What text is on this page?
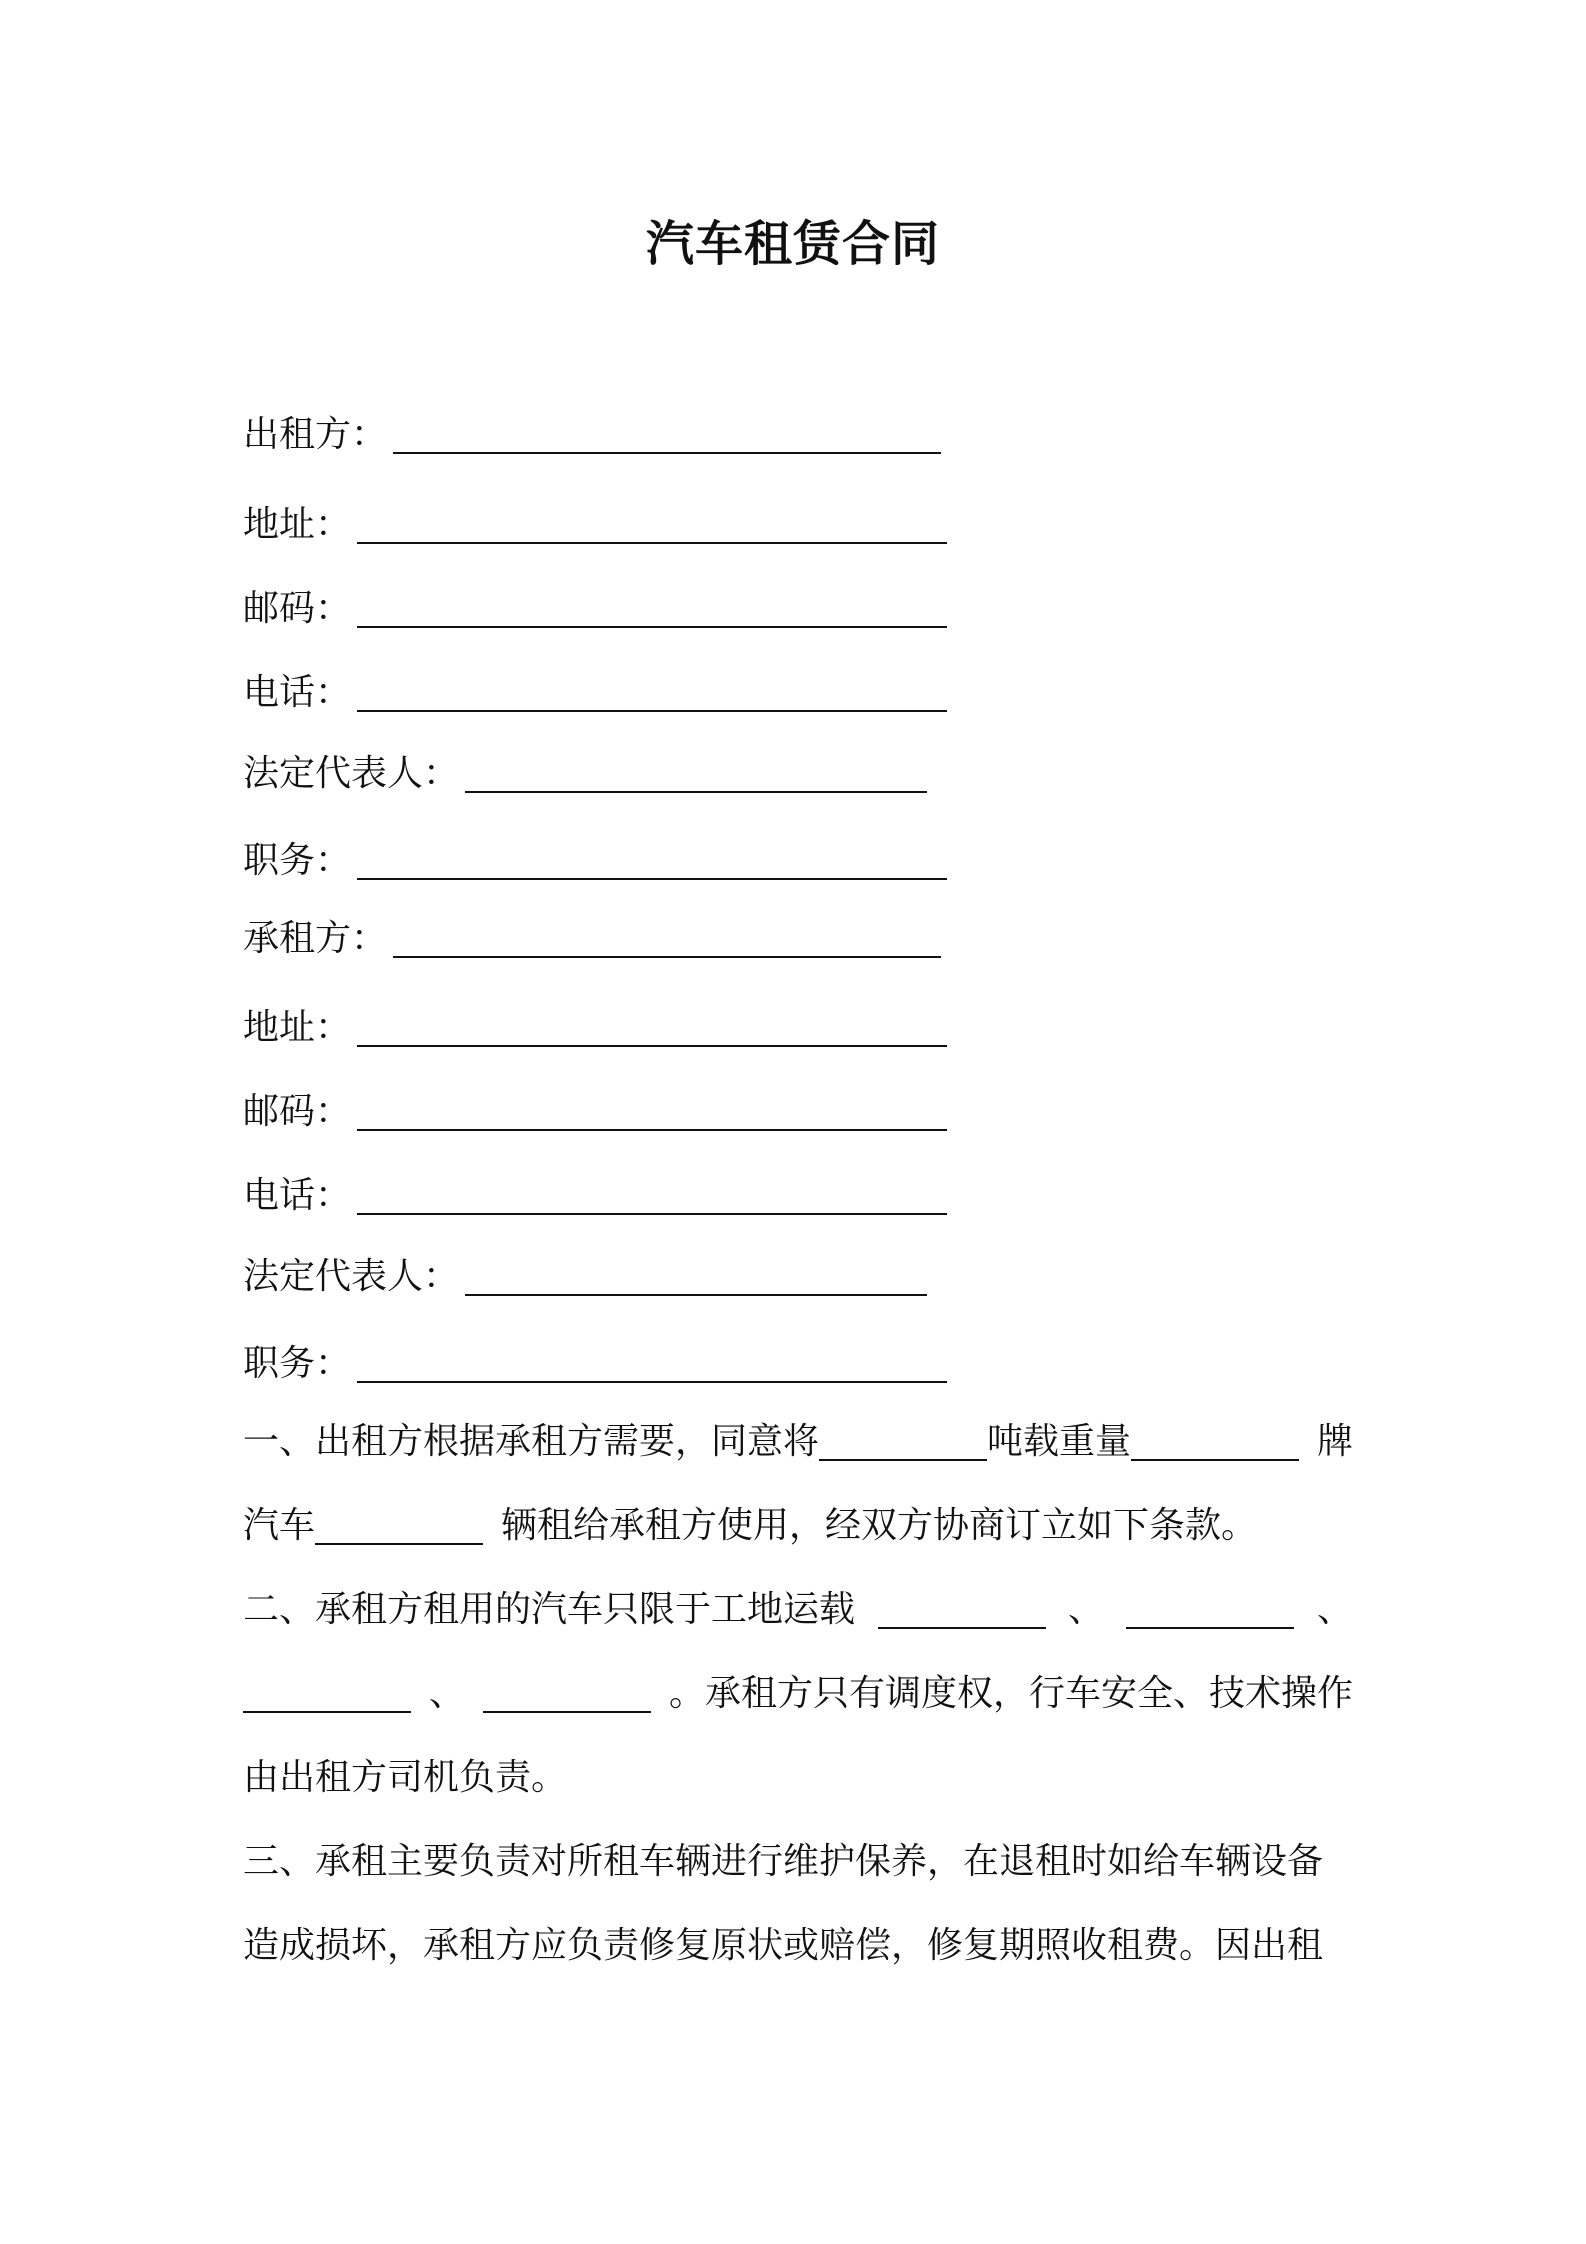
汽车租赁合同
出租方：
地址：
邮码：
电话：
法定代表人：
职务：
承租方：
地址：
邮码：
电话：
法定代表人：
职务：
一、出租方根据承租方需要，同意将	吨载重量	牌
汽车	辆租给承租方使用，经双方协商订立如下条款。
二、承租方租用的汽车只限于工地运载	、	、
、	。承租方只有调度权，行车安全、技术操作
由出租方司机负责。
三、承租主要负责对所租车辆进行维护保养，在退租时如给车辆设备
造成损坏，承租方应负责修复原状或赔偿，修复期照收租费。因出租
